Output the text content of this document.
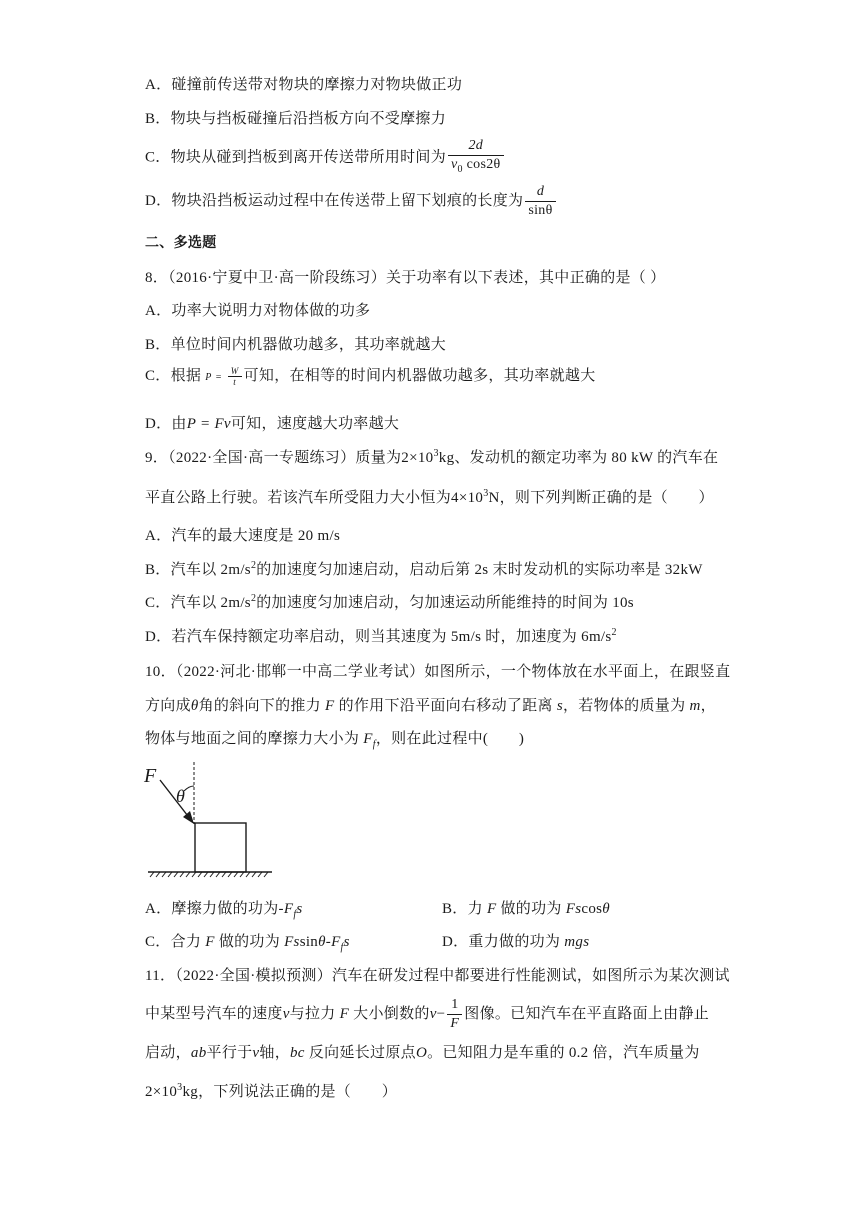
A．碰撞前传送带对物块的摩擦力对物块做正功
B．物块与挡板碰撞后沿挡板方向不受摩擦力
C．物块从碰到挡板到离开传送带所用时间为 $\frac{2d}{v_0 \cos 2\theta}$
D．物块沿挡板运动过程中在传送带上留下划痕的长度为 $\frac{d}{\sin\theta}$
二、多选题
8．（2016·宁夏中卫·高一阶段练习）关于功率有以下表述，其中正确的是（ ）
A．功率大说明力对物体做的功多
B．单位时间内机器做功越多，其功率就越大
C．根据 $P = \frac{W}{t}$ 可知，在相等的时间内机器做功越多，其功率就越大
D．由P = Fv可知，速度越大功率越大
9．（2022·全国·高一专题练习）质量为$2\times 10^3kg$、发动机的额定功率为 80 kW 的汽车在
平直公路上行驶。若该汽车所受阻力大小恒为$4\times 10^3N$，则下列判断正确的是（　　）
A．汽车的最大速度是 20 m/s
B．汽车以 $2m/s^2$的加速度匀加速启动，启动后第 2s 末时发动机的实际功率是 32kW
C．汽车以 $2m/s^2$的加速度匀加速启动，匀加速运动所能维持的时间为 10s
D．若汽车保持额定功率启动，则当其速度为 5m/s 时，加速度为 $6m/s^2$
10．（2022·河北·邯郸一中高二学业考试）如图所示，一个物体放在水平面上，在跟竖直
方向成θ角的斜向下的推力 F 的作用下沿平面向右移动了距离 s，若物体的质量为 m，
物体与地面之间的摩擦力大小为 $F_f$，则在此过程中(　　)
F
θ
A．摩擦力做的功为$-F_fs$	B．力 F 做的功为 Fscosθ
C．合力 F 做的功为 Fssinθ-$F_fs$	D．重力做的功为 mgs
11．（2022·全国·模拟预测）汽车在研发过程中都要进行性能测试，如图所示为某次测试
中某型号汽车的速度v与拉力 F 大小倒数的$v- \frac{1}{F}$ 图像。已知汽车在平直路面上由静止
启动，ab平行于v轴，bc 反向延长过原点O。已知阻力是车重的 0.2 倍，汽车质量为
$2\times 10^3kg$，下列说法正确的是（　　）
